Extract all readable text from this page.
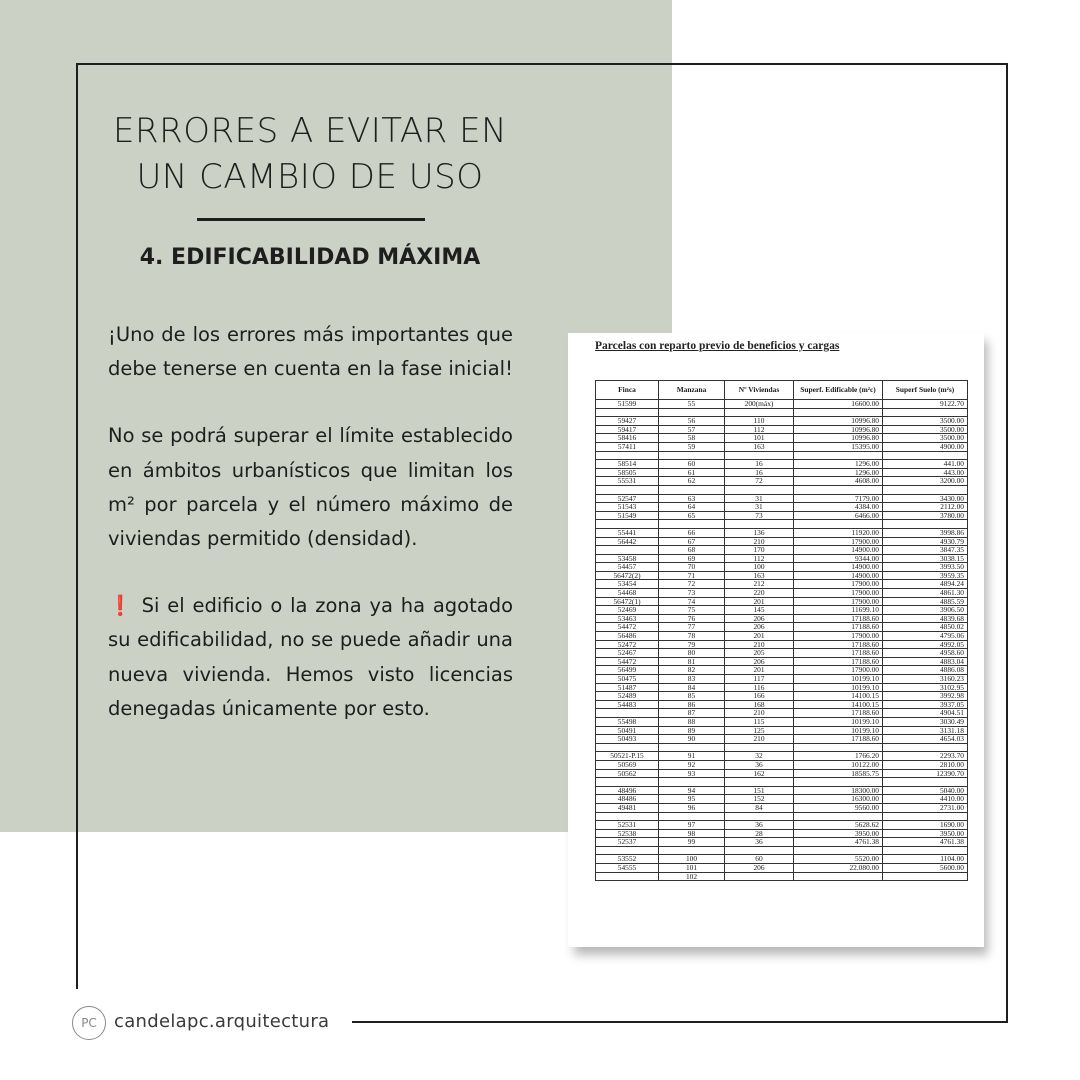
ERRORES A EVITAR EN
UN CAMBIO DE USO
4. EDIFICABILIDAD MÁXIMA

¡Uno de los errores más importantes que debe tenerse en cuenta en la fase inicial!

No se podrá superar el límite establecido en ámbitos urbanísticos que limitan los m² por parcela y el número máximo de viviendas permitido (densidad).

❗ Si el edificio o la zona ya ha agotado su edificabilidad, no se puede añadir una nueva vivienda. Hemos visto licencias denegadas únicamente por esto.

Parcelas con reparto previo de beneficios y cargas
Finca	Manzana	Nº Viviendas	Superf. Edificable (m²c)	Superf Suelo (m²s)
51599	55	200(máx)	16600.00	9122.70

59427	56	110	10996.80	3500.00
59417	57	112	10996.80	3500.00
58416	58	101	10996.80	3500.00
57411	59	163	15395.00	4900.00

58514	60	16	1296.00	441.00
58505	61	16	1296.00	443.00
55531	62	72	4608.00	3200.00

52547	63	31	7179.00	3430.00
51543	64	31	4384.00	2112.00
51549	65	73	6466.00	3780.00

55441	66	136	11920.00	3998.86
56442	67	210	17900.00	4930.79
	68	170	14900.00	3847.35
53458	69	112	9344.00	3038.15
54457	70	100	14900.00	3993.50
56472(2)	71	163	14900.00	3959.35
53454	72	212	17900.00	4894.24
54468	73	220	17900.00	4861.30
56472(1)	74	201	17900.00	4885.59
52469	75	145	11699.10	3906.50
53463	76	206	17188.60	4839.68
54472	77	206	17188.60	4850.02
56486	78	201	17900.00	4795.06
52472	79	210	17188.60	4992.05
52467	80	205	17188.60	4958.60
54472	81	206	17188.60	4883.04
56499	82	201	17900.00	4886.08
50475	83	117	10199.10	3160.23
51487	84	116	10199.10	3102.95
52489	85	166	14100.15	3992.98
54483	86	168	14100.15	3937.05
	87	210	17188.60	4904.51
55498	88	115	10199.10	3030.49
50491	89	125	10199.10	3131.18
50493	90	210	17188.60	4654.03

50521-P.15	91	32	1766.20	2293.70
50569	92	36	10122.00	2810.00
50562	93	162	18585.75	12390.70

48496	94	151	18300.00	5040.00
48486	95	152	16300.00	4410.00
49481	96	84	9560.00	2731.00

52531	97	36	5628.62	1690.00
52538	98	28	3950.00	3950.00
52537	99	36	4761.38	4761.38

53552	100	60	5520.00	1104.00
54555	101	206	22.080.00	5600.00
	102			
PC candelapc.arquitectura
